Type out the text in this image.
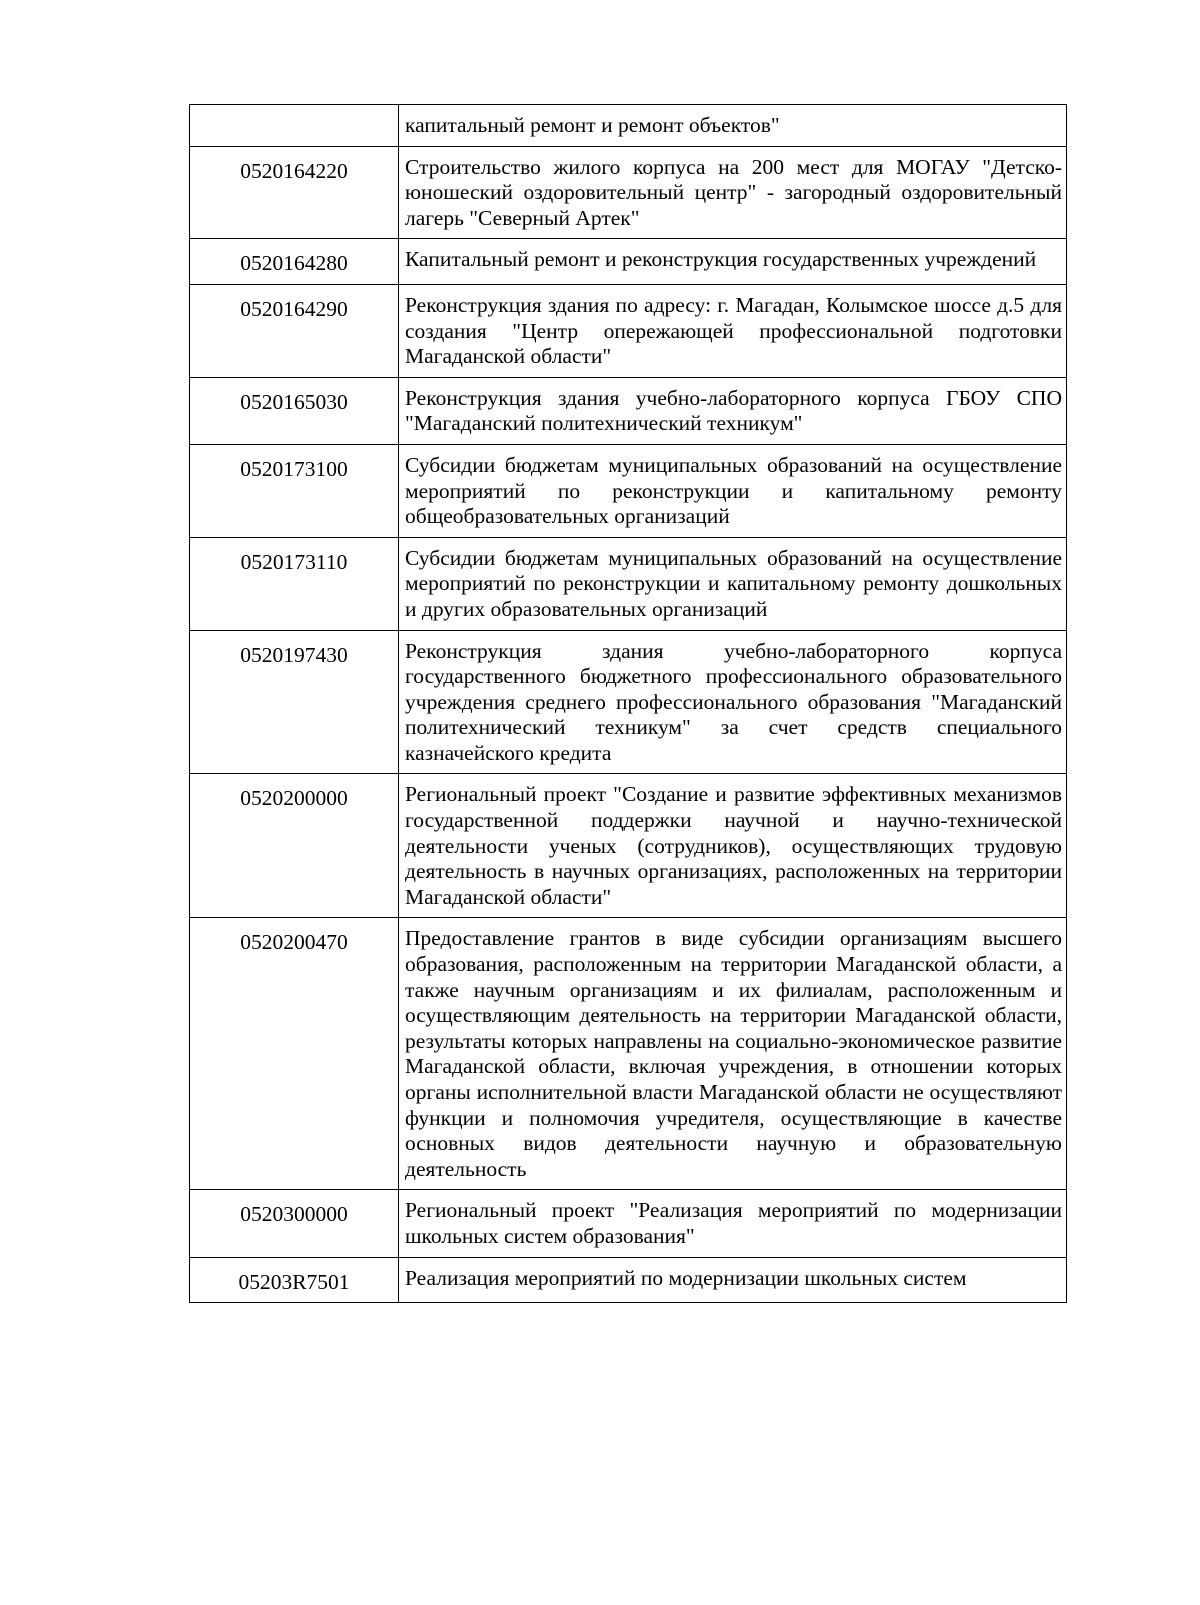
	капитальный ремонт и ремонт объектов"
0520164220	Строительство жилого корпуса на 200 мест для МОГАУ "Детско-юношеский оздоровительный центр" - загородный оздоровительный лагерь "Северный Артек"
0520164280	Капитальный ремонт и реконструкция государственных учреждений
0520164290	Реконструкция здания по адресу: г. Магадан, Колымское шоссе д.5 для создания "Центр опережающей профессиональной подготовки Магаданской области"
0520165030	Реконструкция здания учебно-лабораторного корпуса ГБОУ СПО "Магаданский политехнический техникум"
0520173100	Субсидии бюджетам муниципальных образований на осуществление мероприятий по реконструкции и капитальному ремонту общеобразовательных организаций
0520173110	Субсидии бюджетам муниципальных образований на осуществление мероприятий по реконструкции и капитальному ремонту дошкольных и других образовательных организаций
0520197430	Реконструкция здания учебно-лабораторного корпуса государственного бюджетного профессионального образовательного учреждения среднего профессионального образования "Магаданский политехнический техникум" за счет средств специального казначейского кредита
0520200000	Региональный проект "Создание и развитие эффективных механизмов государственной поддержки научной и научно-технической деятельности ученых (сотрудников), осуществляющих трудовую деятельность в научных организациях, расположенных на территории Магаданской области"
0520200470	Предоставление грантов в виде субсидии организациям высшего образования, расположенным на территории Магаданской области, а также научным организациям и их филиалам, расположенным и осуществляющим деятельность на территории Магаданской области, результаты которых направлены на социально-экономическое развитие Магаданской области, включая учреждения, в отношении которых органы исполнительной власти Магаданской области не осуществляют функции и полномочия учредителя, осуществляющие в качестве основных видов деятельности научную и образовательную деятельность
0520300000	Региональный проект "Реализация мероприятий по модернизации школьных систем образования"
05203R7501	Реализация мероприятий по модернизации школьных систем
